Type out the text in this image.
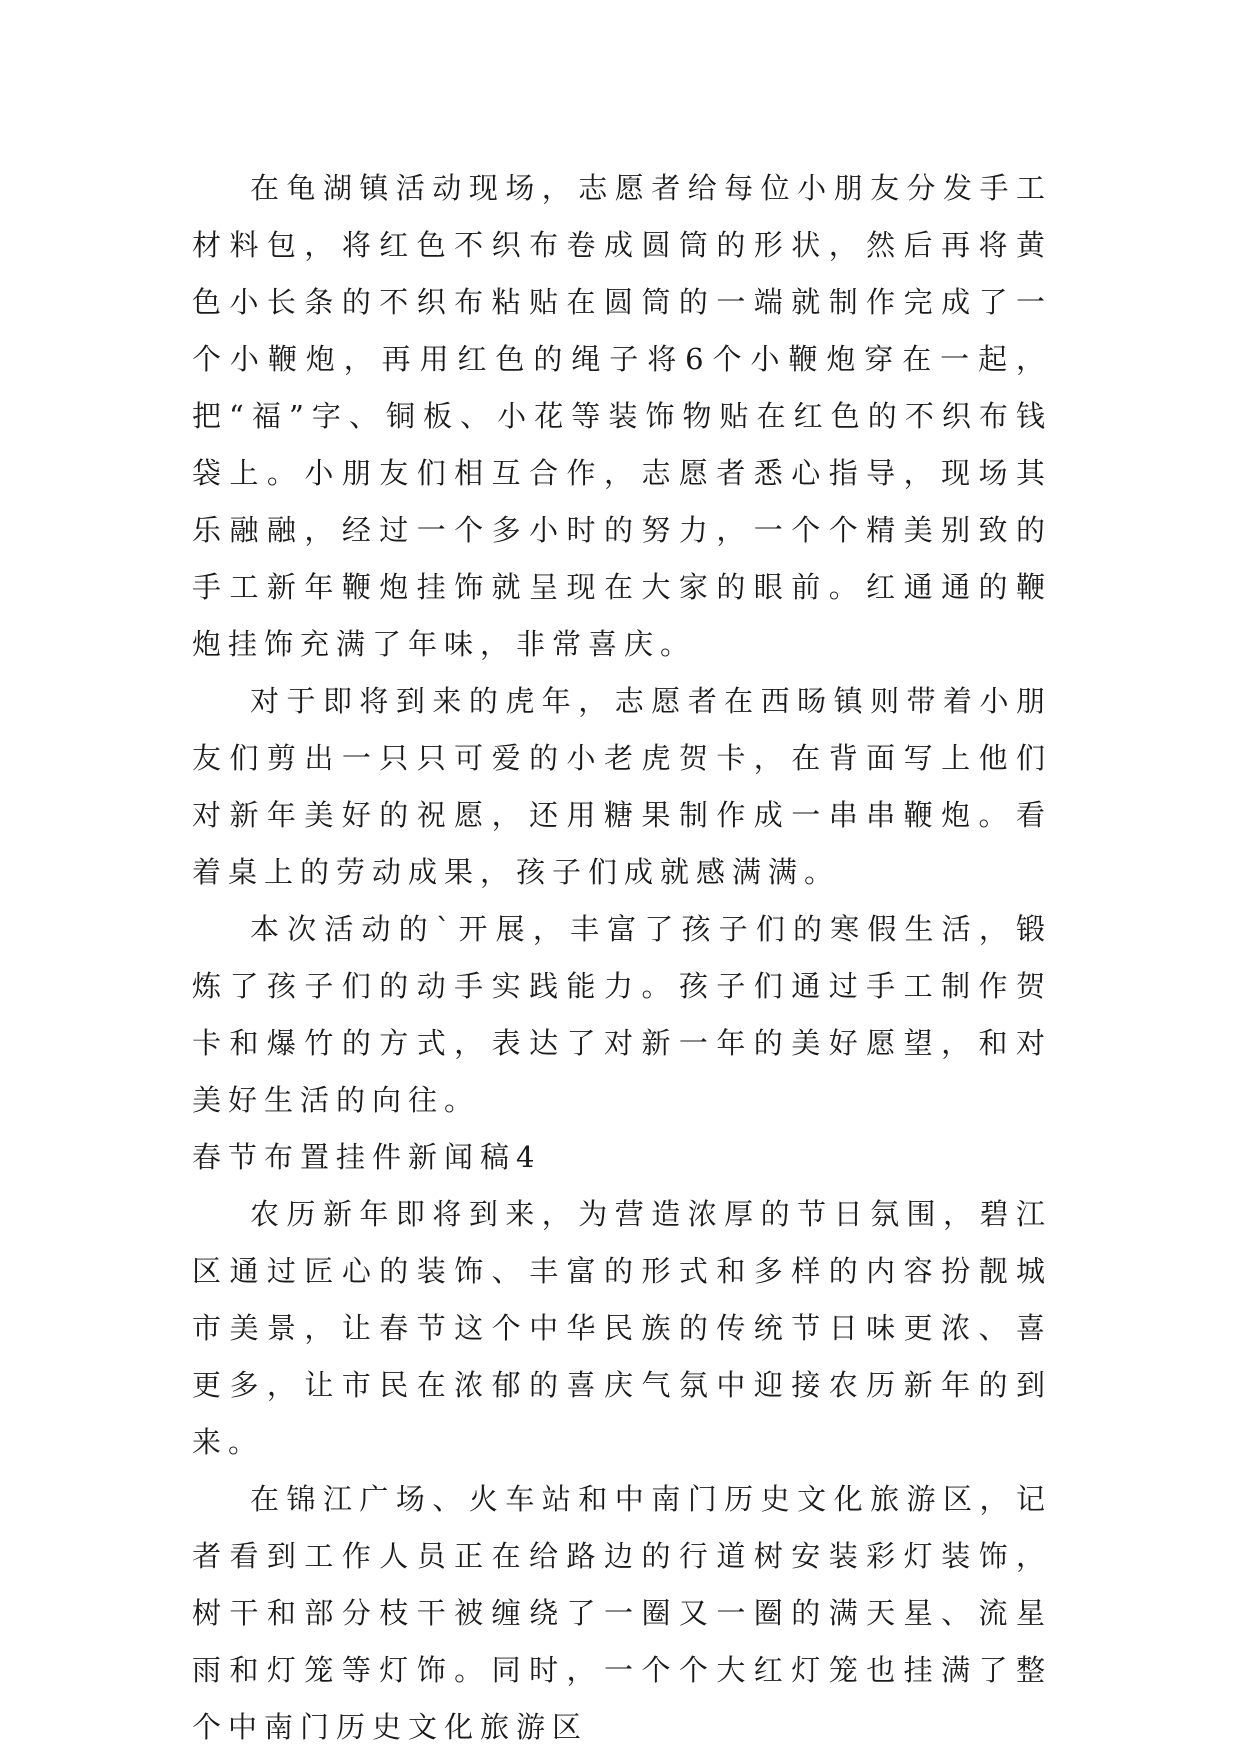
在龟湖镇活动现场，志愿者给每位小朋友分发手工材料包，将红色不织布卷成圆筒的形状，然后再将黄色小长条的不织布粘贴在圆筒的一端就制作完成了一个小鞭炮，再用红色的绳子将6个小鞭炮穿在一起，把“福”字、铜板、小花等装饰物贴在红色的不织布钱袋上。小朋友们相互合作，志愿者悉心指导，现场其乐融融，经过一个多小时的努力，一个个精美别致的手工新年鞭炮挂饰就呈现在大家的眼前。红通通的鞭炮挂饰充满了年味，非常喜庆。

对于即将到来的虎年，志愿者在西旸镇则带着小朋友们剪出一只只可爱的小老虎贺卡，在背面写上他们对新年美好的祝愿，还用糖果制作成一串串鞭炮。看着桌上的劳动成果，孩子们成就感满满。

本次活动的`开展，丰富了孩子们的寒假生活，锻炼了孩子们的动手实践能力。孩子们通过手工制作贺卡和爆竹的方式，表达了对新一年的美好愿望，和对美好生活的向往。

春节布置挂件新闻稿4

农历新年即将到来，为营造浓厚的节日氛围，碧江区通过匠心的装饰、丰富的形式和多样的内容扮靓城市美景，让春节这个中华民族的传统节日味更浓、喜更多，让市民在浓郁的喜庆气氛中迎接农历新年的到来。

在锦江广场、火车站和中南门历史文化旅游区，记者看到工作人员正在给路边的行道树安装彩灯装饰，树干和部分枝干被缠绕了一圈又一圈的满天星、流星雨和灯笼等灯饰。同时，一个个大红灯笼也挂满了整个中南门历史文化旅游区
